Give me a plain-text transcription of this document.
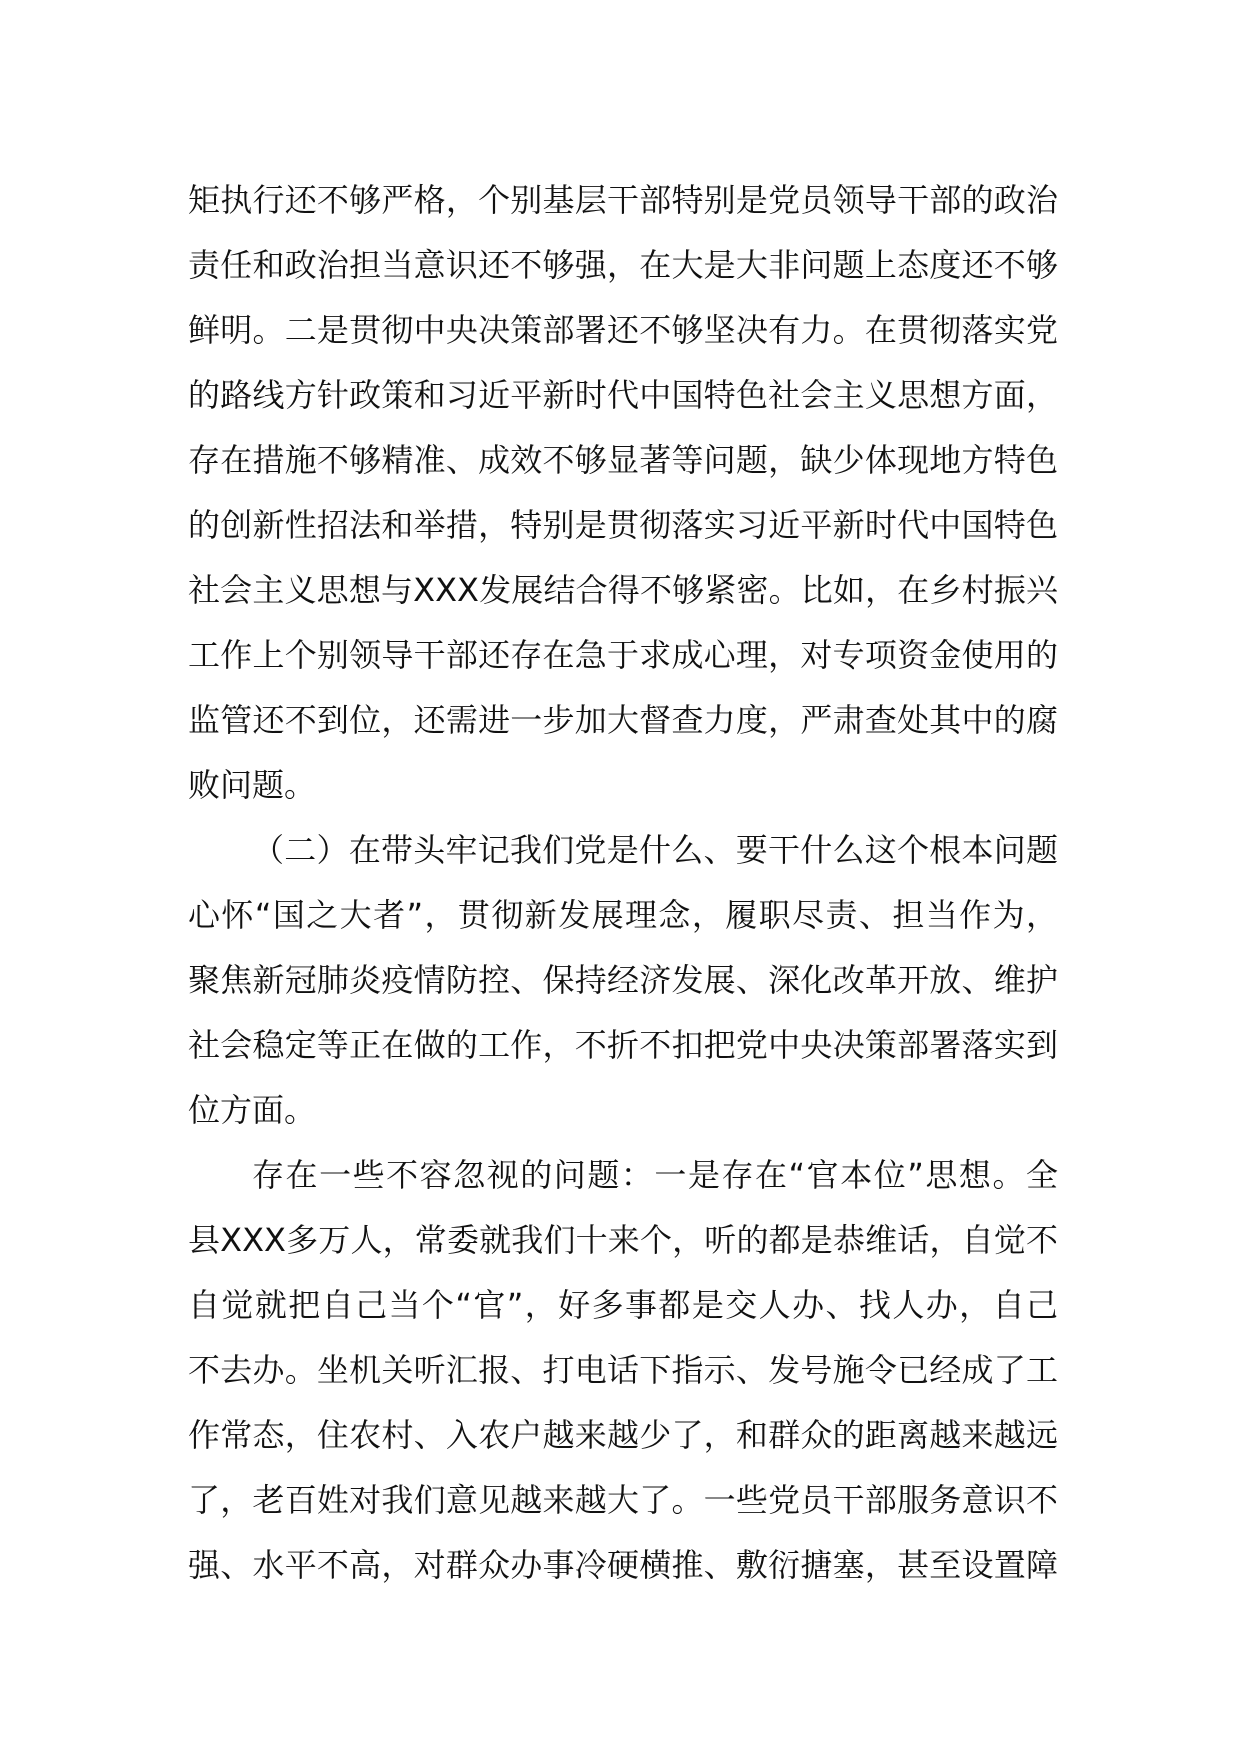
矩执行还不够严格，个别基层干部特别是党员领导干部的政治
责任和政治担当意识还不够强，在大是大非问题上态度还不够
鲜明。二是贯彻中央决策部署还不够坚决有力。在贯彻落实党
的路线方针政策和习近平新时代中国特色社会主义思想方面，
存在措施不够精准、成效不够显著等问题，缺少体现地方特色
的创新性招法和举措，特别是贯彻落实习近平新时代中国特色
社会主义思想与XXX发展结合得不够紧密。比如，在乡村振兴
工作上个别领导干部还存在急于求成心理，对专项资金使用的
监管还不到位，还需进一步加大督查力度，严肃查处其中的腐
败问题。
（二）在带头牢记我们党是什么、要干什么这个根本问题
心怀“国之大者”，贯彻新发展理念，履职尽责、担当作为，
聚焦新冠肺炎疫情防控、保持经济发展、深化改革开放、维护
社会稳定等正在做的工作，不折不扣把党中央决策部署落实到
位方面。
存在一些不容忽视的问题：一是存在“官本位”思想。全
县XXX多万人，常委就我们十来个，听的都是恭维话，自觉不
自觉就把自己当个“官”，好多事都是交人办、找人办，自己
不去办。坐机关听汇报、打电话下指示、发号施令已经成了工
作常态，住农村、入农户越来越少了，和群众的距离越来越远
了，老百姓对我们意见越来越大了。一些党员干部服务意识不
强、水平不高，对群众办事冷硬横推、敷衍搪塞，甚至设置障
